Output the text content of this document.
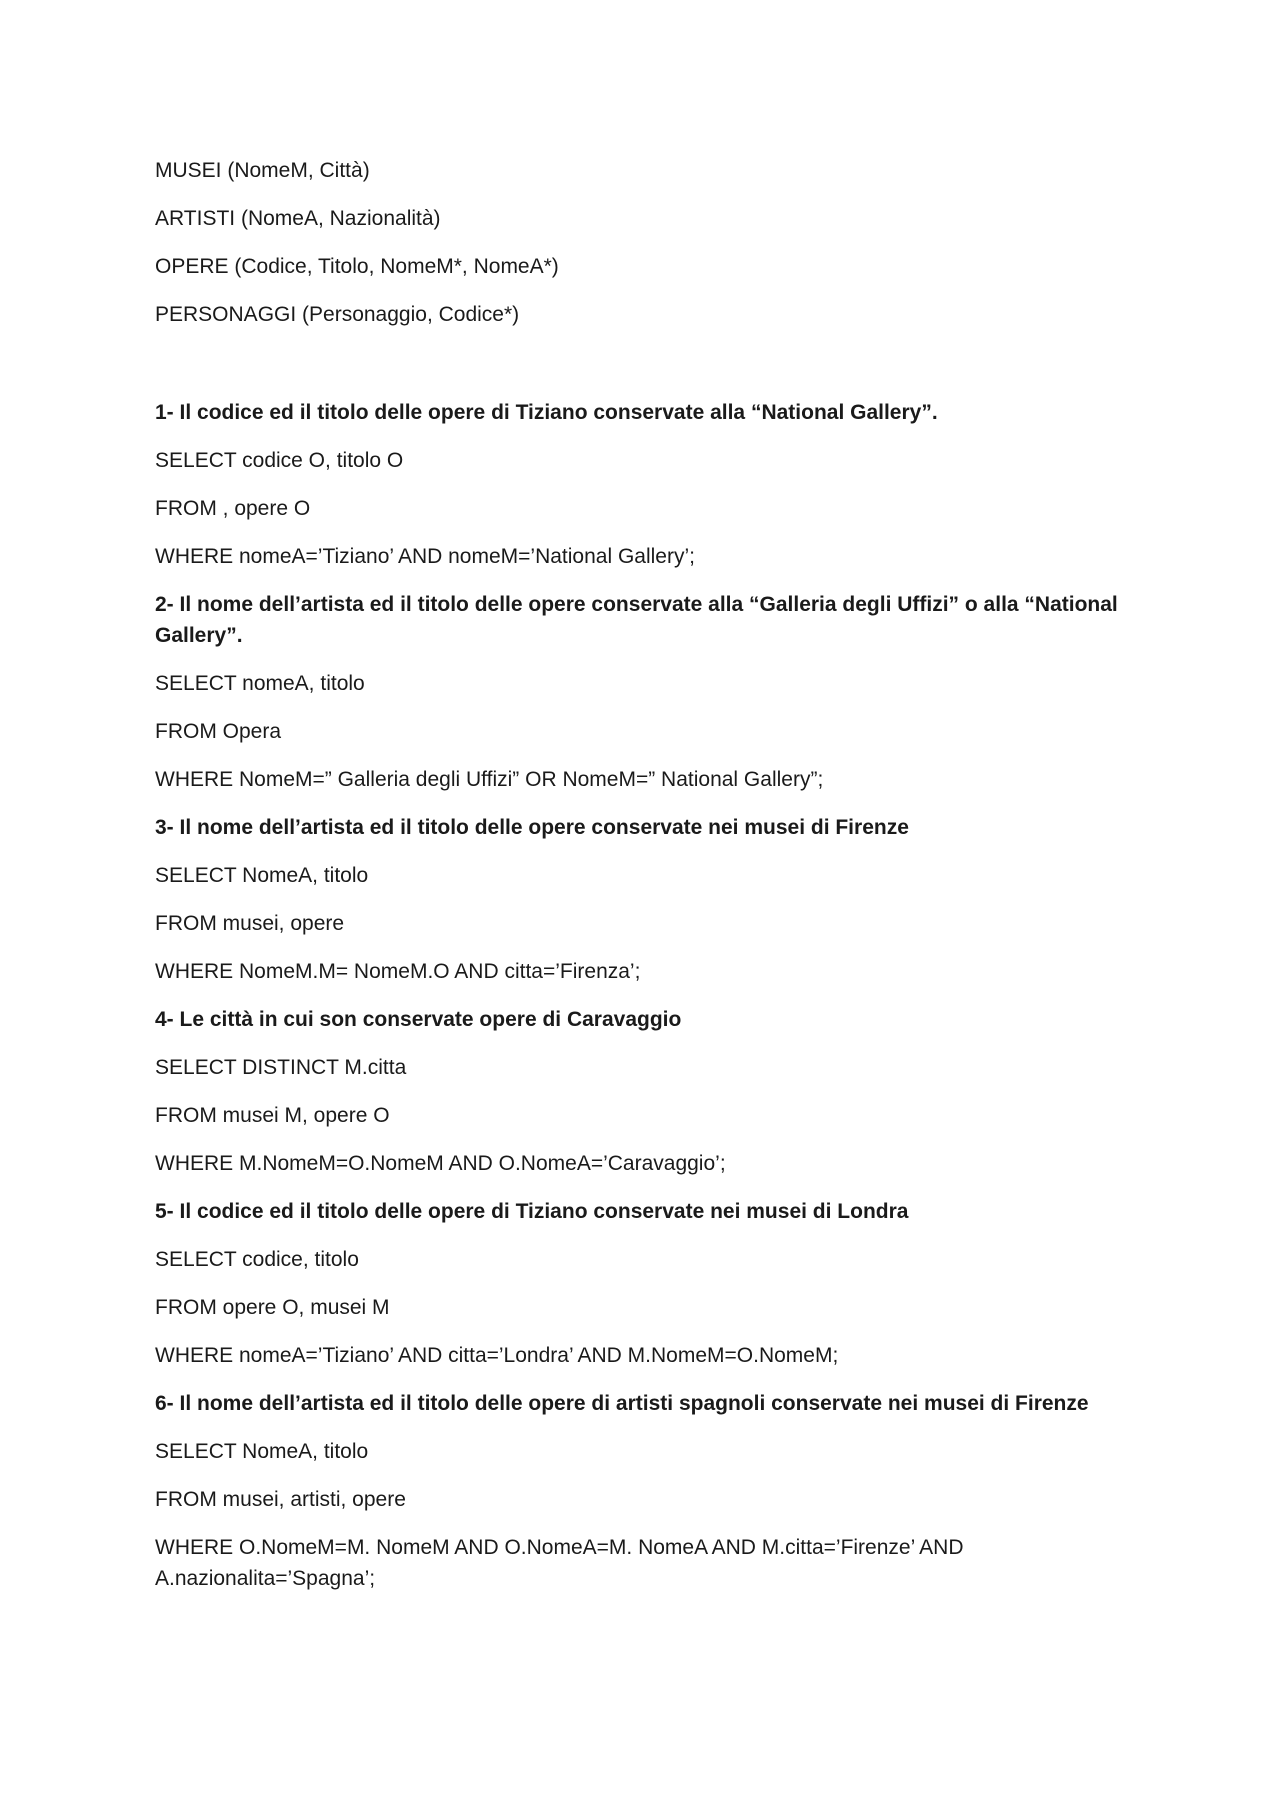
MUSEI (NomeM, Città)
ARTISTI (NomeA, Nazionalità)
OPERE (Codice, Titolo, NomeM*, NomeA*)
PERSONAGGI (Personaggio, Codice*)
1- Il codice ed il titolo delle opere di Tiziano conservate alla “National Gallery”.
SELECT codice O, titolo O
FROM , opere O
WHERE nomeA=’Tiziano’ AND nomeM=’National Gallery’;
2- Il nome dell’artista ed il titolo delle opere conservate alla “Galleria degli Uffizi” o alla “National Gallery”.
SELECT nomeA, titolo
FROM Opera
WHERE NomeM=” Galleria degli Uffizi” OR NomeM=” National Gallery”;
3- Il nome dell’artista ed il titolo delle opere conservate nei musei di Firenze
SELECT NomeA, titolo
FROM musei, opere
WHERE NomeM.M= NomeM.O AND citta=’Firenza’;
4- Le città in cui son conservate opere di Caravaggio
SELECT DISTINCT M.citta
FROM musei M, opere O
WHERE M.NomeM=O.NomeM AND O.NomeA=’Caravaggio’;
5- Il codice ed il titolo delle opere di Tiziano conservate nei musei di Londra
SELECT codice, titolo
FROM opere O, musei M
WHERE nomeA=’Tiziano’ AND citta=’Londra’ AND M.NomeM=O.NomeM;
6- Il nome dell’artista ed il titolo delle opere di artisti spagnoli conservate nei musei di Firenze
SELECT NomeA, titolo
FROM musei, artisti, opere
WHERE O.NomeM=M. NomeM AND O.NomeA=M. NomeA AND M.citta=’Firenze’ AND A.nazionalita=’Spagna’;
